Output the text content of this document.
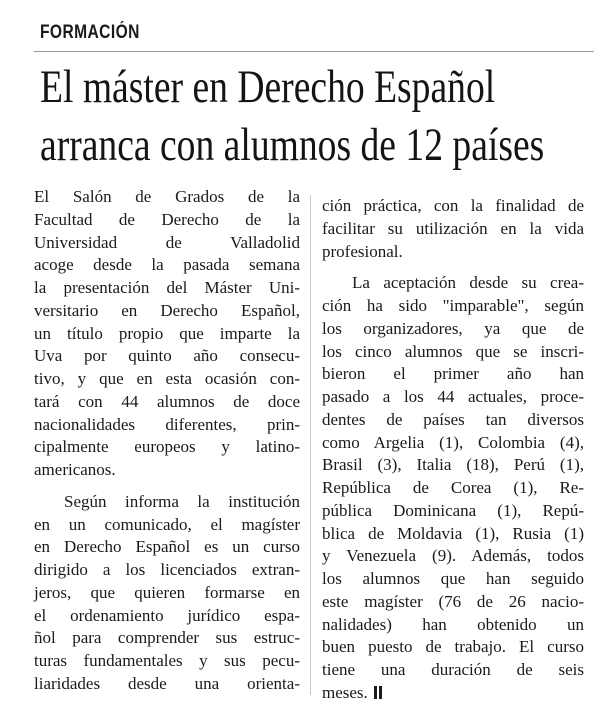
FORMACIÓN
El máster en Derecho Español
arranca con alumnos de 12 países
El Salón de Grados de la
Facultad de Derecho de la
Universidad de Valladolid
acoge desde la pasada semana
la presentación del Máster Uni-
versitario en Derecho Español,
un título propio que imparte la
Uva por quinto año consecu-
tivo, y que en esta ocasión con-
tará con 44 alumnos de doce
nacionalidades diferentes, prin-
cipalmente europeos y latino-
americanos.
Según informa la institución
en un comunicado, el magíster
en Derecho Español es un curso
dirigido a los licenciados extran-
jeros, que quieren formarse en
el ordenamiento jurídico espa-
ñol para comprender sus estruc-
turas fundamentales y sus pecu-
liaridades desde una orienta-
ción práctica, con la finalidad de
facilitar su utilización en la vida
profesional.
La aceptación desde su crea-
ción ha sido "imparable", según
los organizadores, ya que de
los cinco alumnos que se inscri-
bieron el primer año han
pasado a los 44 actuales, proce-
dentes de países tan diversos
como Argelia (1), Colombia (4),
Brasil (3), Italia (18), Perú (1),
República de Corea (1), Re-
pública Dominicana (1), Repú-
blica de Moldavia (1), Rusia (1)
y Venezuela (9). Además, todos
los alumnos que han seguido
este magíster (76 de 26 nacio-
nalidades) han obtenido un
buen puesto de trabajo. El curso
tiene una duración de seis
meses.
